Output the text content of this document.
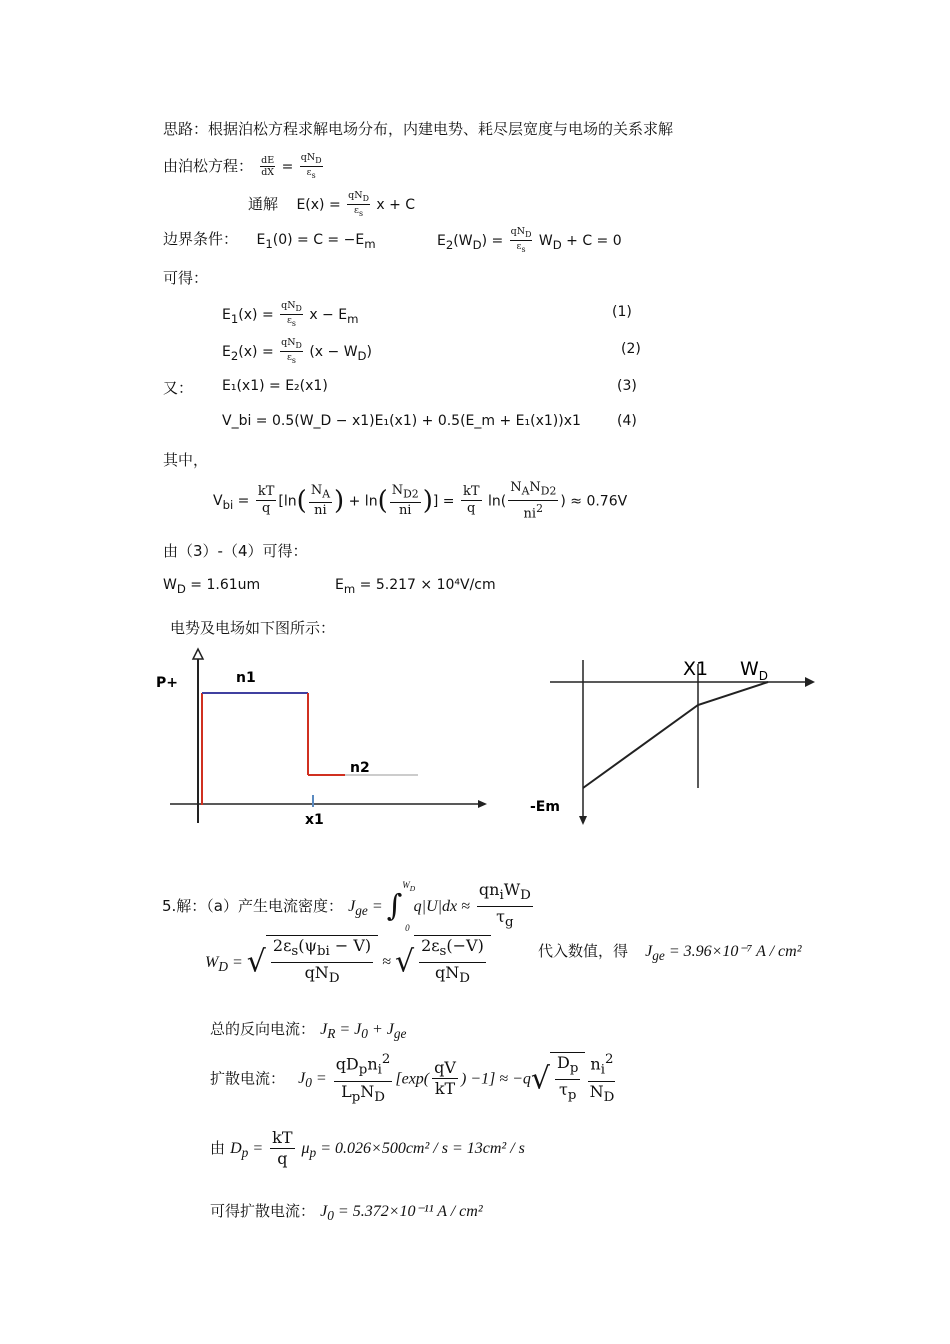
思路：根据泊松方程求解电场分布，内建电势、耗尽层宽度与电场的关系求解
由泊松方程： $\frac{dE}{dX} = \frac{qN_D}{\varepsilon_s}$
通解    $E(x) = \frac{qN_D}{\varepsilon_s}$ x + C
边界条件：    $E_1(0) = C = -E_m$	$E_2(W_D) = \frac{qN_D}{\varepsilon_s} W_D + C = 0$
可得：
$E_1(x) = \frac{qN_D}{\varepsilon_s}$ $x - E_m$	(1)
$E_2(x) = \frac{qN_D}{\varepsilon_s} (x - W_D)$	(2)
又： E₁(x1) = E₂(x1)	(3)
V_bi = 0.5(W_D − x1)E₁(x1) + 0.5(E_m + E₁(x1))x1	(4)
其中，
$V_{bi} = \frac{kT}{q} [\ln( \frac{N_A}{ni}$ ) + $\ln( \frac{N_{D2}}{ni}$ )] = $\frac{kT}{q} \ln$(
$N_AN_{D2}$
$ni^2$	) ≈ 0.76V
由（3）-（4）可得：
$W_D = 1.61um$	$E_m = 5.217 \times 10^4V/cm$
电势及电场如下图所示：
P+	n1
n2
x1
X1 $W_D$
-Em
5.解：（a）产生电流密度： $J_{ge} = \int^{W_D}0$ q|U|dx ≈
$qn_iW_D$
$\tau_g$
$W_D$ = √ $2\varepsilon_s(\psi_{bi} - V)$
$qN_D$
≈ √ $2\varepsilon_s(-V)$
$qN_D$
代入数值，得    $J_{ge} = 3.96\times 10^{-7}$ A / cm²
总的反向电流： $J_R = J_0 + J_{ge}$
扩散电流：   $J_0$ =
$qD_pn_i^2$
$L_pN_D$
[$\exp( \frac{qV}{kT}$ ) $-1] \approx -q√ \frac{D_p}{\tau_p} \frac{n_i^2}{N_D}$
由 $D_p = \frac{kT}{q} \mu_p = 0.026\times 500cm^2 / s = 13cm^2 / s$
可得扩散电流： $J_0 = 5.372\times 10^{-11}$ A / cm²
